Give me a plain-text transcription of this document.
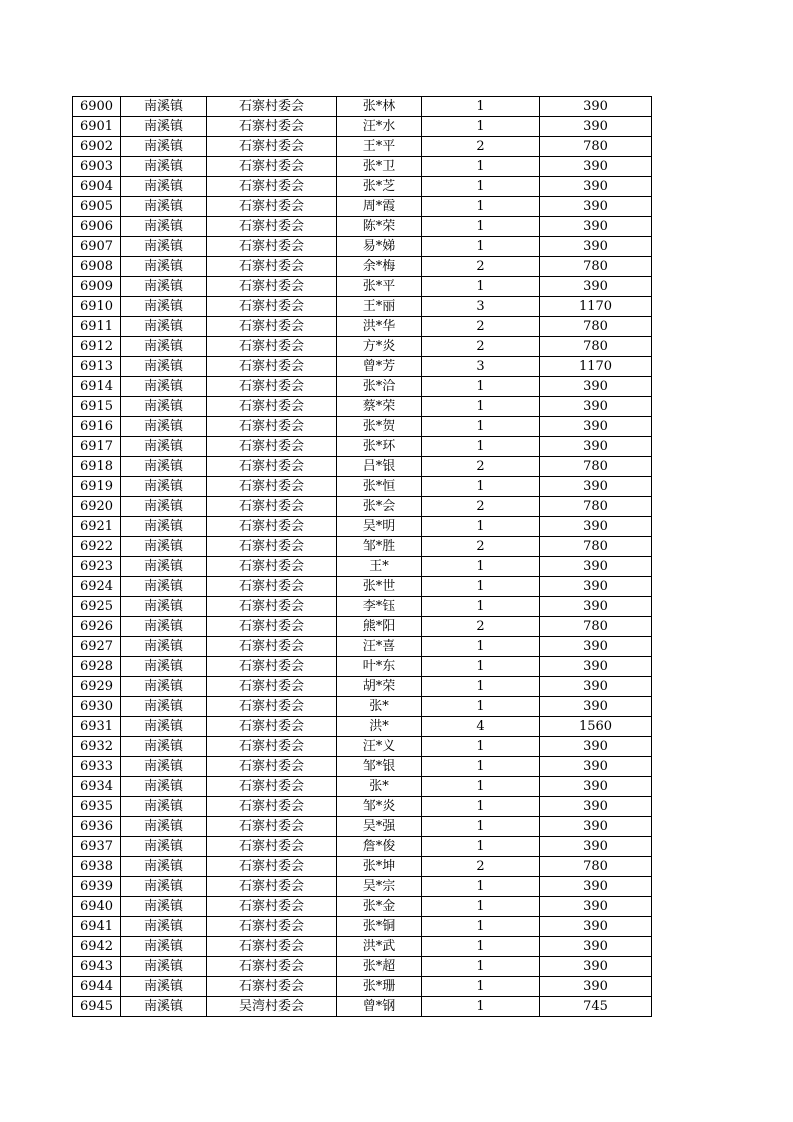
6900	南溪镇	石寨村委会	张*林	1	390
6901	南溪镇	石寨村委会	汪*水	1	390
6902	南溪镇	石寨村委会	王*平	2	780
6903	南溪镇	石寨村委会	张*卫	1	390
6904	南溪镇	石寨村委会	张*芝	1	390
6905	南溪镇	石寨村委会	周*霞	1	390
6906	南溪镇	石寨村委会	陈*荣	1	390
6907	南溪镇	石寨村委会	易*娣	1	390
6908	南溪镇	石寨村委会	余*梅	2	780
6909	南溪镇	石寨村委会	张*平	1	390
6910	南溪镇	石寨村委会	王*丽	3	1170
6911	南溪镇	石寨村委会	洪*华	2	780
6912	南溪镇	石寨村委会	方*炎	2	780
6913	南溪镇	石寨村委会	曾*芳	3	1170
6914	南溪镇	石寨村委会	张*洽	1	390
6915	南溪镇	石寨村委会	蔡*荣	1	390
6916	南溪镇	石寨村委会	张*贺	1	390
6917	南溪镇	石寨村委会	张*环	1	390
6918	南溪镇	石寨村委会	吕*银	2	780
6919	南溪镇	石寨村委会	张*恒	1	390
6920	南溪镇	石寨村委会	张*会	2	780
6921	南溪镇	石寨村委会	吴*明	1	390
6922	南溪镇	石寨村委会	邹*胜	2	780
6923	南溪镇	石寨村委会	王*	1	390
6924	南溪镇	石寨村委会	张*世	1	390
6925	南溪镇	石寨村委会	李*钰	1	390
6926	南溪镇	石寨村委会	熊*阳	2	780
6927	南溪镇	石寨村委会	汪*喜	1	390
6928	南溪镇	石寨村委会	叶*东	1	390
6929	南溪镇	石寨村委会	胡*荣	1	390
6930	南溪镇	石寨村委会	张*	1	390
6931	南溪镇	石寨村委会	洪*	4	1560
6932	南溪镇	石寨村委会	汪*义	1	390
6933	南溪镇	石寨村委会	邹*银	1	390
6934	南溪镇	石寨村委会	张*	1	390
6935	南溪镇	石寨村委会	邹*炎	1	390
6936	南溪镇	石寨村委会	吴*强	1	390
6937	南溪镇	石寨村委会	詹*俊	1	390
6938	南溪镇	石寨村委会	张*坤	2	780
6939	南溪镇	石寨村委会	吴*宗	1	390
6940	南溪镇	石寨村委会	张*金	1	390
6941	南溪镇	石寨村委会	张*铜	1	390
6942	南溪镇	石寨村委会	洪*武	1	390
6943	南溪镇	石寨村委会	张*超	1	390
6944	南溪镇	石寨村委会	张*珊	1	390
6945	南溪镇	吴湾村委会	曾*钢	1	745
